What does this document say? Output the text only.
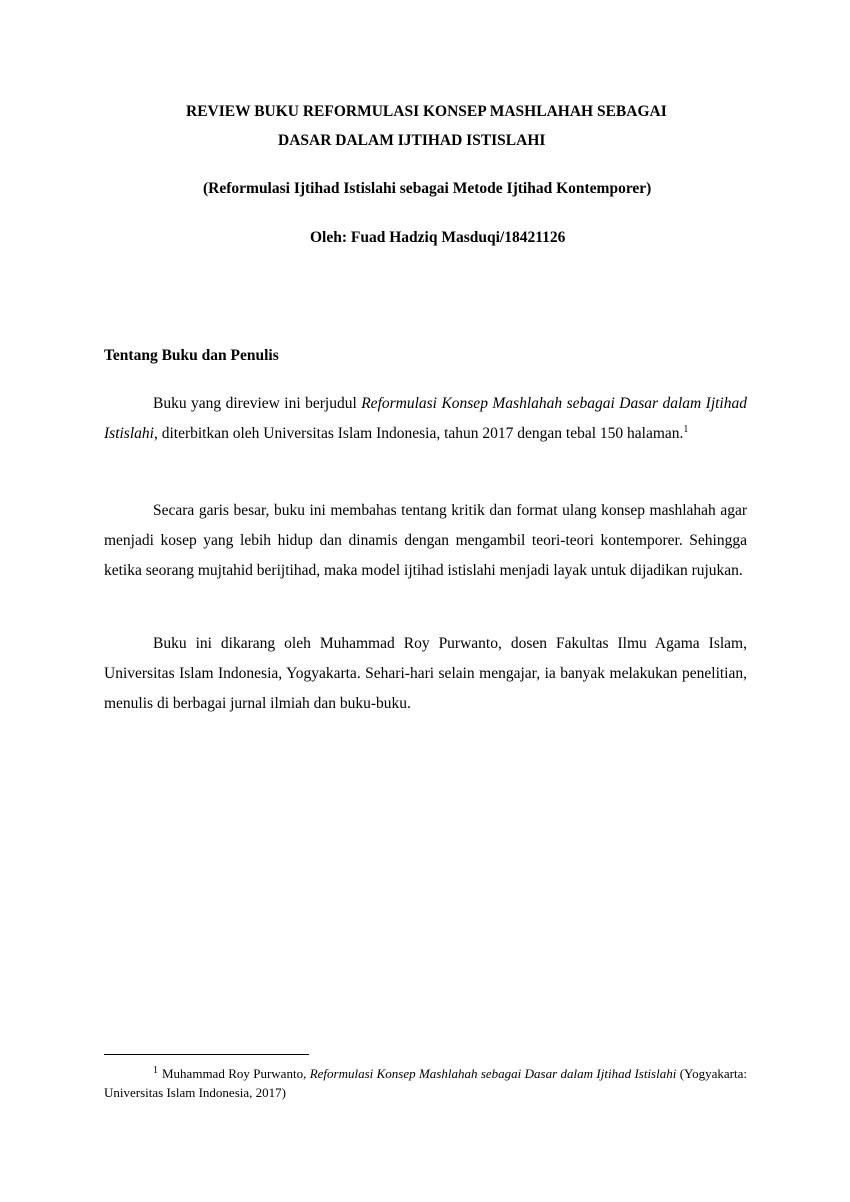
REVIEW BUKU REFORMULASI KONSEP MASHLAHAH SEBAGAI
DASAR DALAM IJTIHAD ISTISLAHI
(Reformulasi Ijtihad Istislahi sebagai Metode Ijtihad Kontemporer)
Oleh: Fuad Hadziq Masduqi/18421126
Tentang Buku dan Penulis

Buku yang direview ini berjudul Reformulasi Konsep Mashlahah sebagai Dasar dalam Ijtihad Istislahi, diterbitkan oleh Universitas Islam Indonesia, tahun 2017 dengan tebal 150 halaman.$^1$

Secara garis besar, buku ini membahas tentang kritik dan format ulang konsep mashlahah agar menjadi kosep yang lebih hidup dan dinamis dengan mengambil teori-teori kontemporer. Sehingga ketika seorang mujtahid berijtihad, maka model ijtihad istislahi menjadi layak untuk dijadikan rujukan.

Buku ini dikarang oleh Muhammad Roy Purwanto, dosen Fakultas Ilmu Agama Islam, Universitas Islam Indonesia, Yogyakarta. Sehari-hari selain mengajar, ia banyak melakukan penelitian, menulis di berbagai jurnal ilmiah dan buku-buku.

$^1$ Muhammad Roy Purwanto, Reformulasi Konsep Mashlahah sebagai Dasar dalam Ijtihad Istislahi (Yogyakarta: Universitas Islam Indonesia, 2017)
